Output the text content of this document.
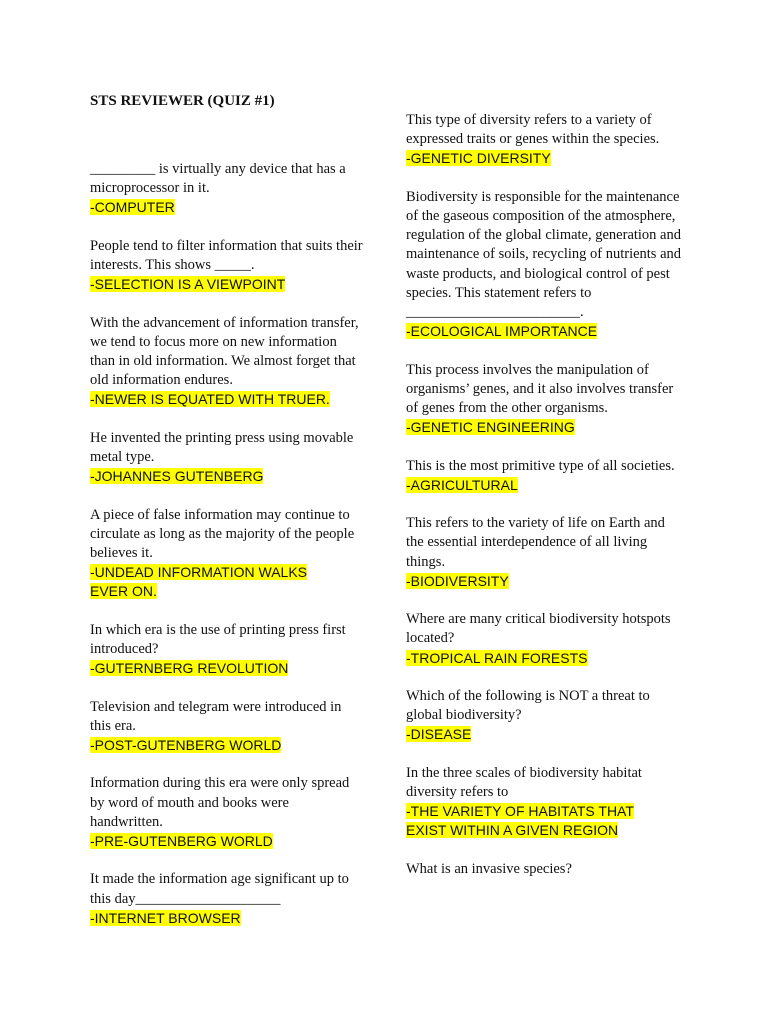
STS REVIEWER (QUIZ #1)

_________ is virtually any device that has a microprocessor in it.

-COMPUTER

People tend to filter information that suits their interests. This shows _____.

-SELECTION IS A VIEWPOINT

With the advancement of information transfer, we tend to focus more on new information than in old information. We almost forget that old information endures.

-NEWER IS EQUATED WITH TRUER.

He invented the printing press using movable metal type.

-JOHANNES GUTENBERG

A piece of false information may continue to circulate as long as the majority of the people believes it.

-UNDEAD INFORMATION WALKS
EVER ON.

In which era is the use of printing press first introduced?

-GUTERNBERG REVOLUTION

Television and telegram were introduced in this era.

-POST-GUTENBERG WORLD

Information during this era were only spread by word of mouth and books were handwritten.

-PRE-GUTENBERG WORLD

It made the information age significant up to this day____________________

-INTERNET BROWSER

This type of diversity refers to a variety of expressed traits or genes within the species.

-GENETIC DIVERSITY

Biodiversity is responsible for the maintenance of the gaseous composition of the atmosphere, regulation of the global climate, generation and maintenance of soils, recycling of nutrients and waste products, and biological control of pest species. This statement refers to
________________________.

-ECOLOGICAL IMPORTANCE

This process involves the manipulation of organisms’ genes, and it also involves transfer of genes from the other organisms.

-GENETIC ENGINEERING

This is the most primitive type of all societies.

-AGRICULTURAL

This refers to the variety of life on Earth and the essential interdependence of all living things.

-BIODIVERSITY

Where are many critical biodiversity hotspots located?

-TROPICAL RAIN FORESTS

Which of the following is NOT a threat to global biodiversity?

-DISEASE

In the three scales of biodiversity habitat diversity refers to

-THE VARIETY OF HABITATS THAT
EXIST WITHIN A GIVEN REGION

What is an invasive species?
